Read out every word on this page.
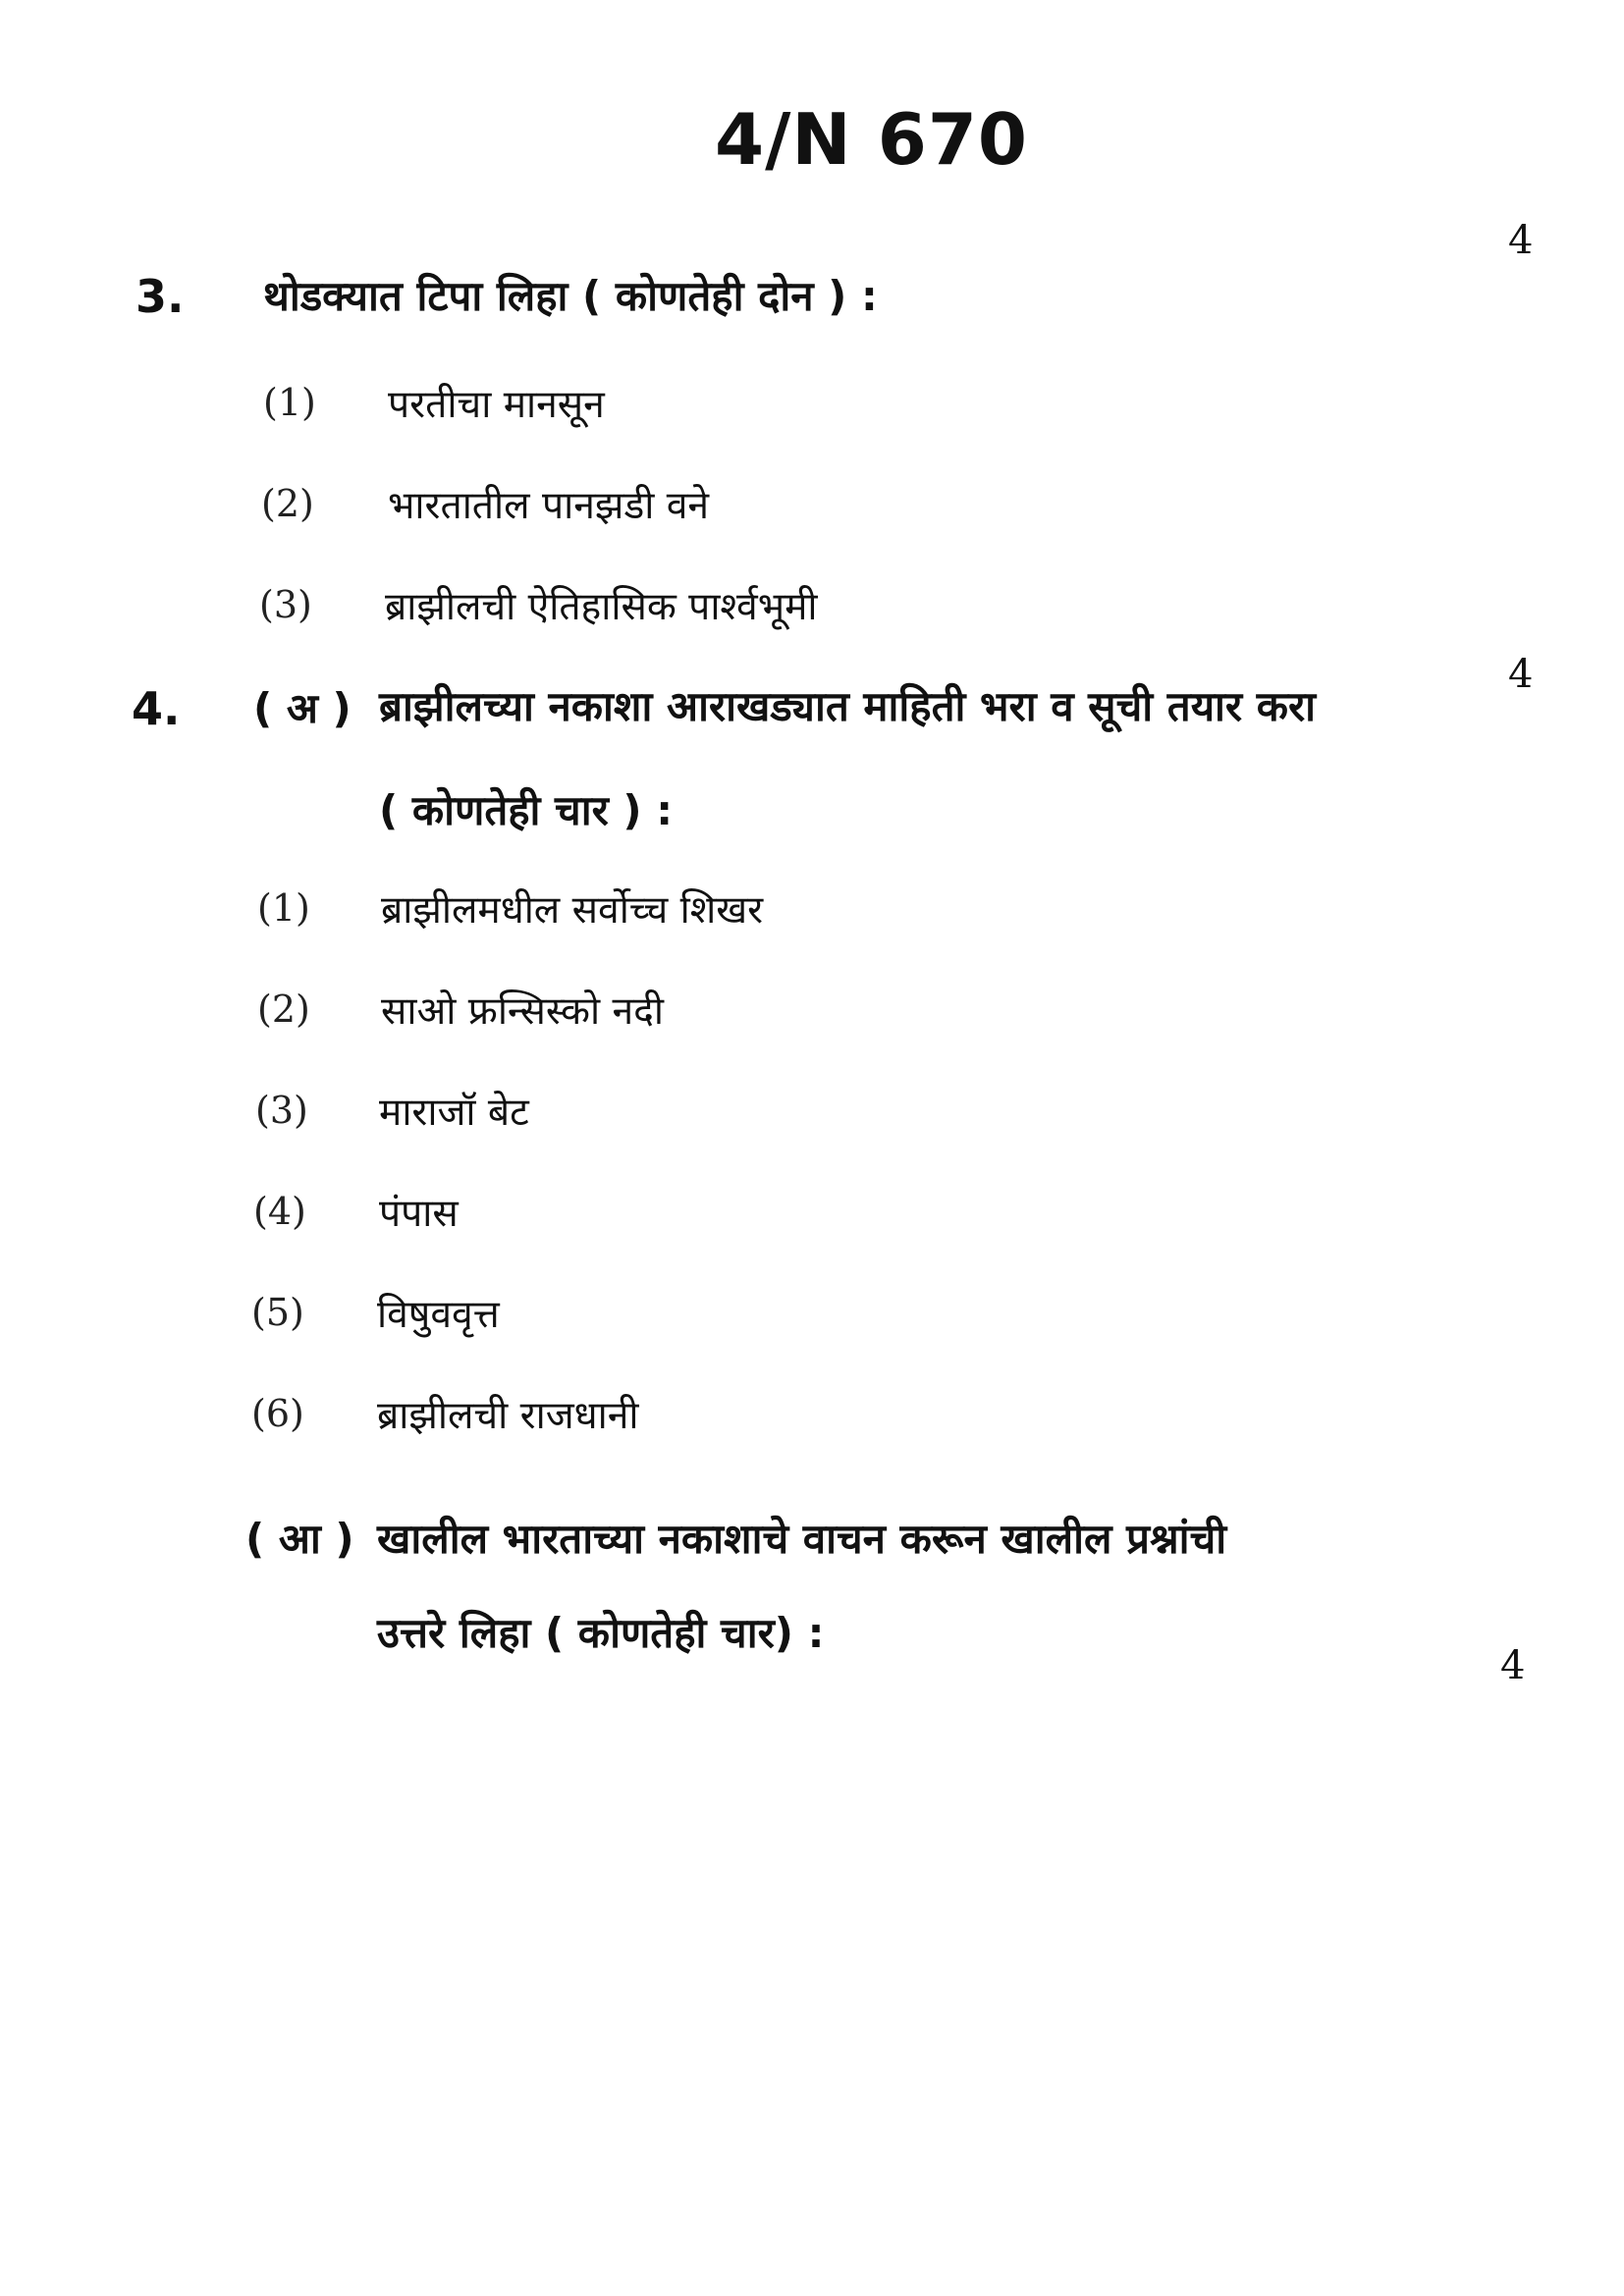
4/N 670
4
3. थोडक्यात टिपा लिहा ( कोणतेही दोन ) :
(1) परतीचा मानसून
(2) भारतातील पानझडी वने
(3) ब्राझीलची ऐतिहासिक पार्श्वभूमी
4.
4
( अ ) ब्राझीलच्या नकाशा आराखड्यात माहिती भरा व सूची तयार करा
( कोणतेही चार ) :
(1) ब्राझीलमधील सर्वोच्च शिखर
(2) साओ फ्रन्सिस्को नदी
(3) माराजॉ बेट
(4) पंपास
(5) विषुववृत्त
(6) ब्राझीलची राजधानी
( आ ) खालील भारताच्या नकाशाचे वाचन करून खालील प्रश्नांची
उत्तरे लिहा ( कोणतेही चार) :
4
